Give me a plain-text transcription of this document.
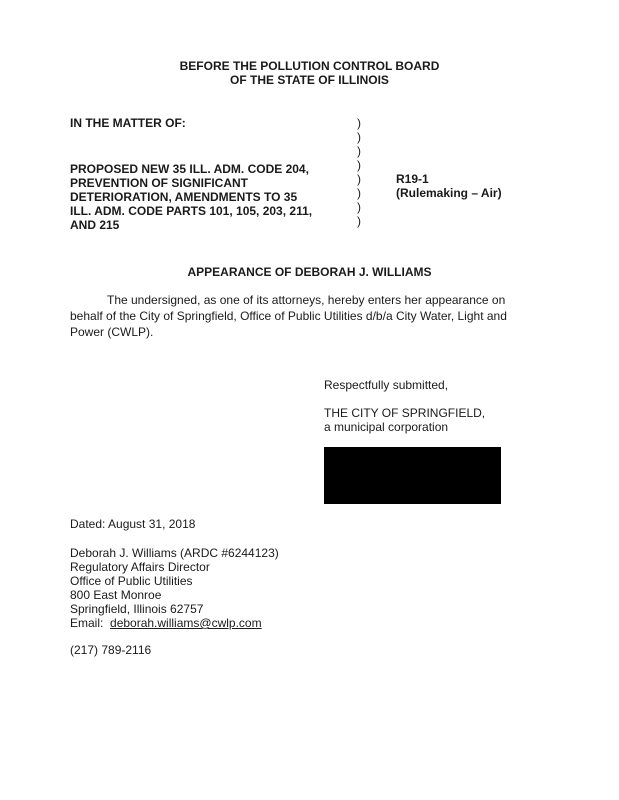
BEFORE THE POLLUTION CONTROL BOARD
OF THE STATE OF ILLINOIS
IN THE MATTER OF:
PROPOSED NEW 35 ILL. ADM. CODE 204,
PREVENTION OF SIGNIFICANT
DETERIORATION, AMENDMENTS TO 35
ILL. ADM. CODE PARTS 101, 105, 203, 211,
AND 215
)
)
)
)
)
)
)
)
R19-1
(Rulemaking – Air)
APPEARANCE OF DEBORAH J. WILLIAMS
The undersigned, as one of its attorneys, hereby enters her appearance on behalf of the City of Springfield, Office of Public Utilities d/b/a City Water, Light and Power (CWLP).
Respectfully submitted,
THE CITY OF SPRINGFIELD,
a municipal corporation
Dated: August 31, 2018
Deborah J. Williams (ARDC #6244123)
Regulatory Affairs Director
Office of Public Utilities
800 East Monroe
Springfield, Illinois 62757
Email: deborah.williams@cwlp.com
(217) 789-2116
